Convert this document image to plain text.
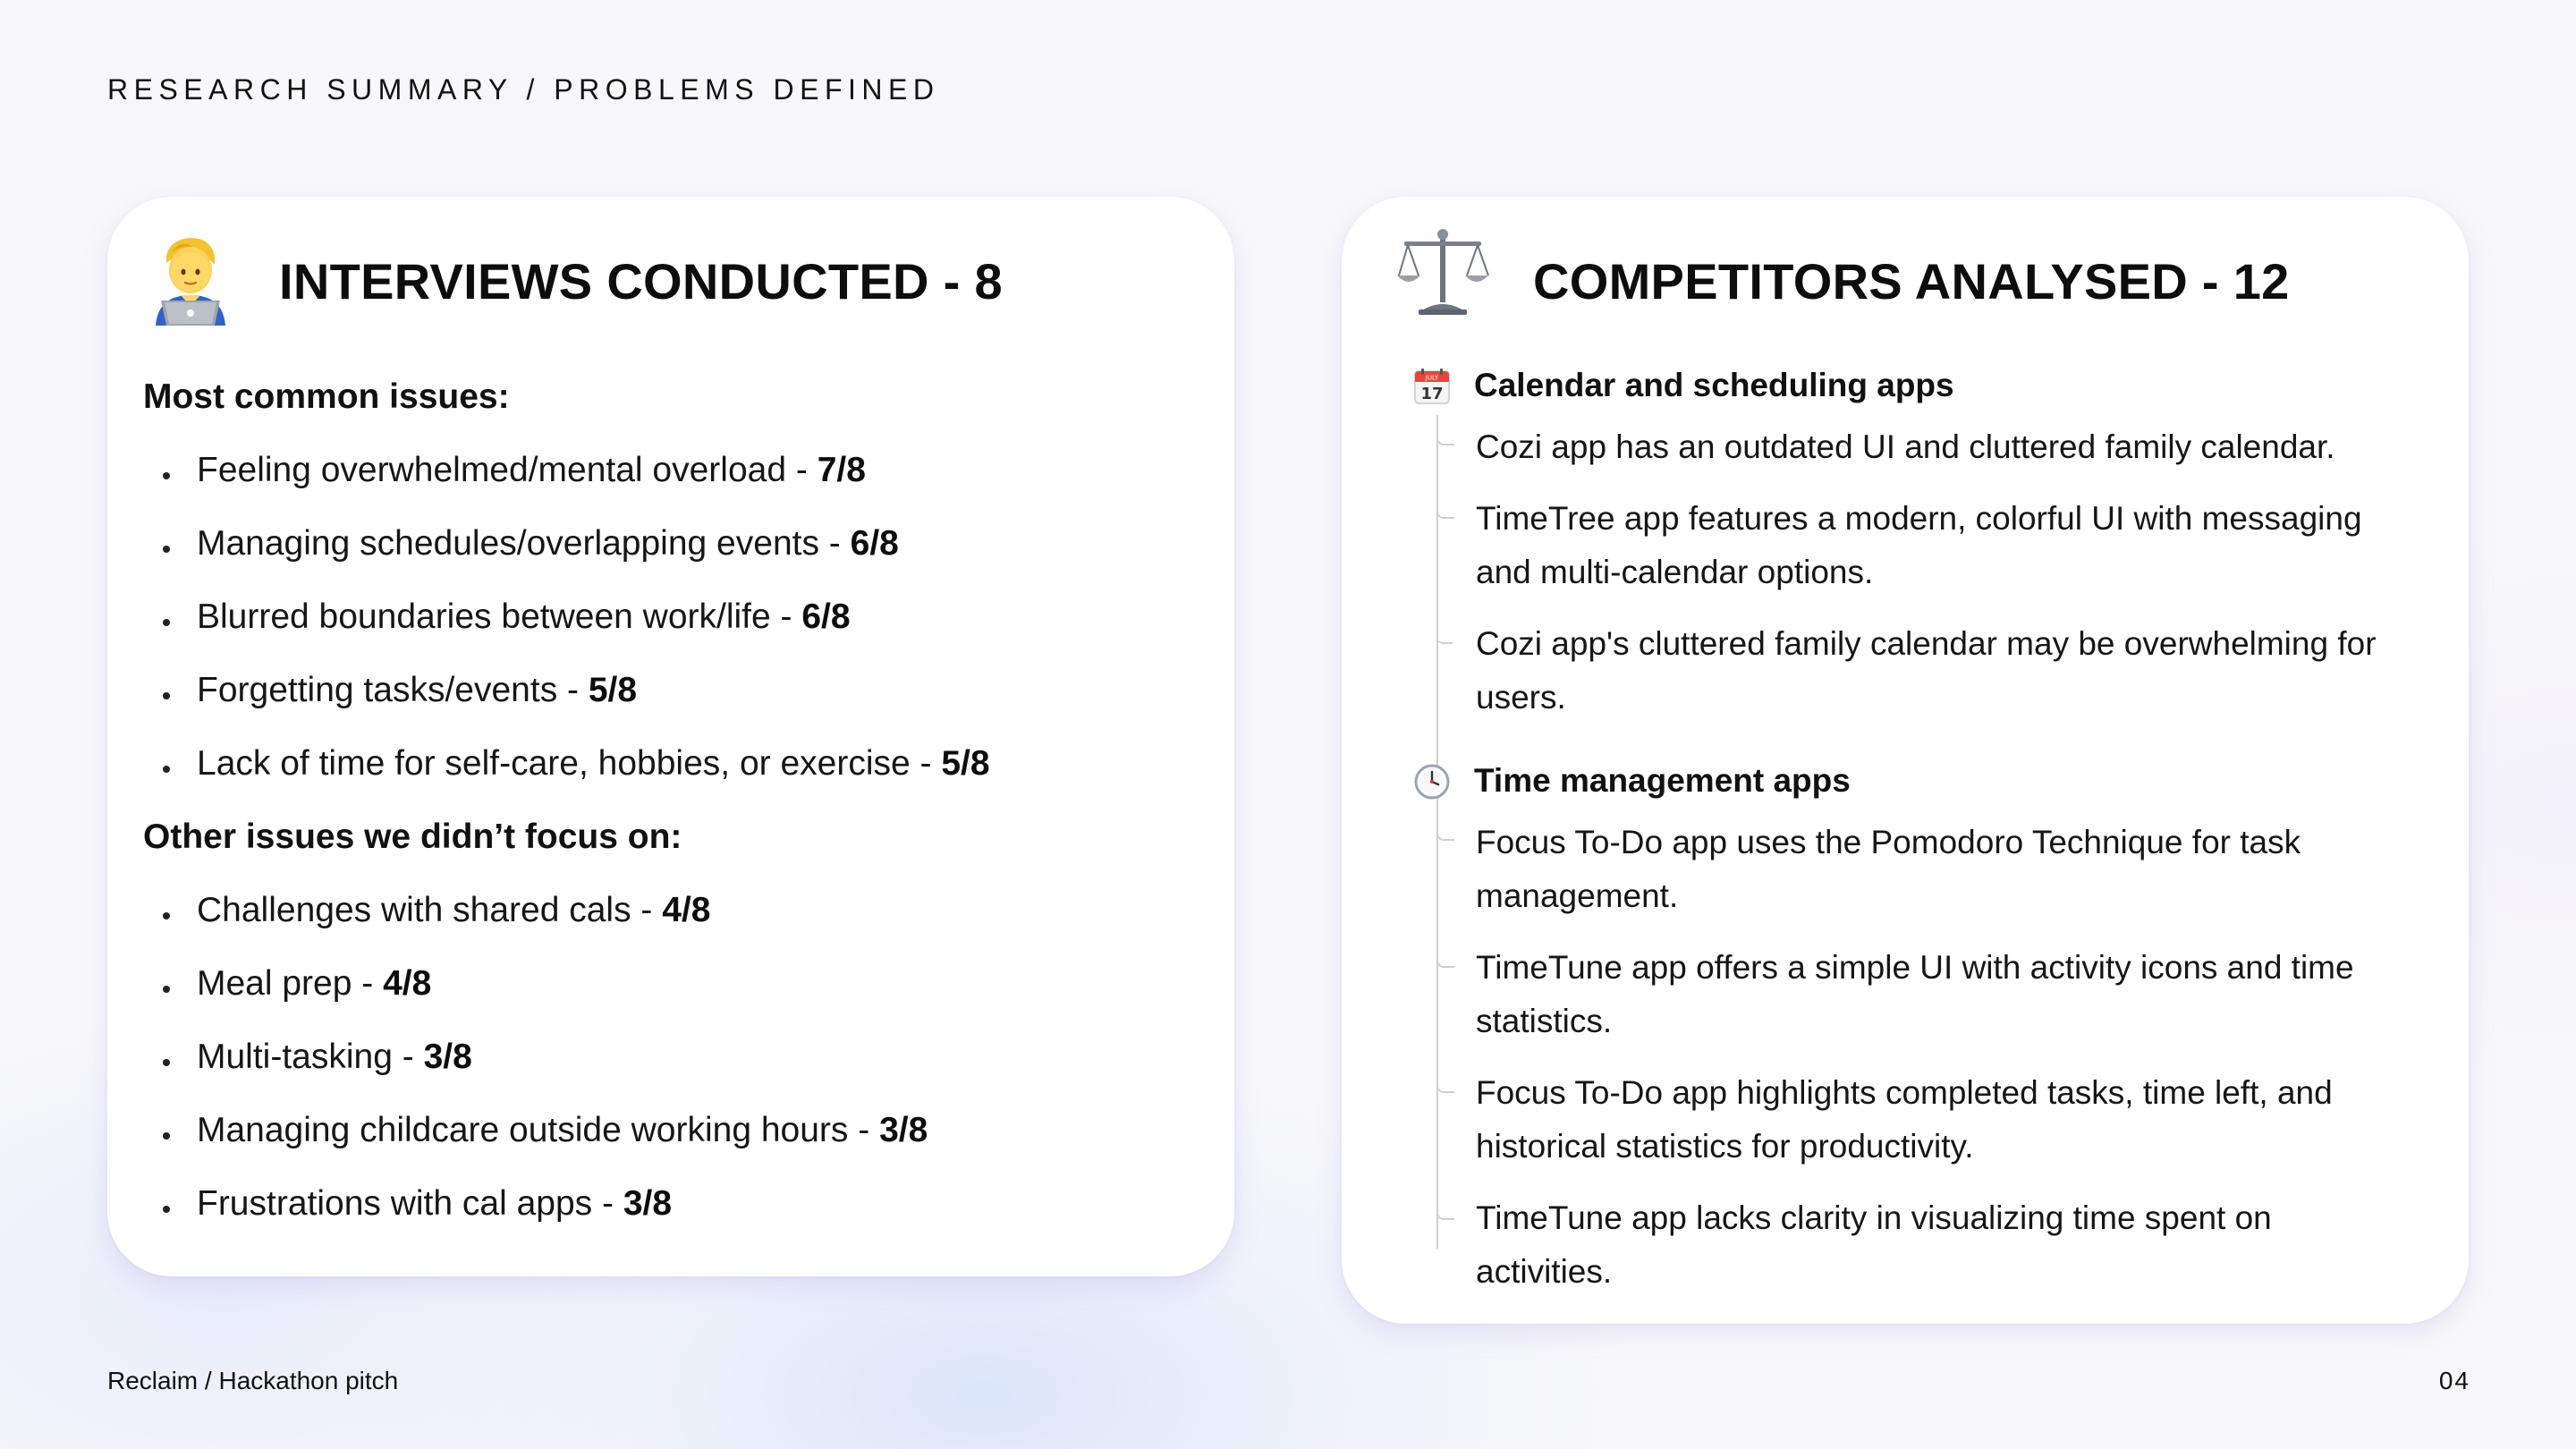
RESEARCH SUMMARY / PROBLEMS DEFINED
INTERVIEWS CONDUCTED - 8
Most common issues:
Feeling overwhelmed/mental overload - 7/8
Managing schedules/overlapping events - 6/8
Blurred boundaries between work/life - 6/8
Forgetting tasks/events - 5/8
Lack of time for self-care, hobbies, or exercise - 5/8
Other issues we didn’t focus on:
Challenges with shared cals - 4/8
Meal prep - 4/8
Multi-tasking - 3/8
Managing childcare outside working hours - 3/8
Frustrations with cal apps - 3/8
COMPETITORS ANALYSED - 12
JULY
17 Calendar and scheduling apps
Cozi app has an outdated UI and cluttered family calendar.
TimeTree app features a modern, colorful UI with messaging and multi-calendar options.
Cozi app's cluttered family calendar may be overwhelming for users.
Time management apps
Focus To-Do app uses the Pomodoro Technique for task management.
TimeTune app offers a simple UI with activity icons and time statistics.
Focus To-Do app highlights completed tasks, time left, and historical statistics for productivity.
TimeTune app lacks clarity in visualizing time spent on activities.
Reclaim / Hackathon pitch	04
